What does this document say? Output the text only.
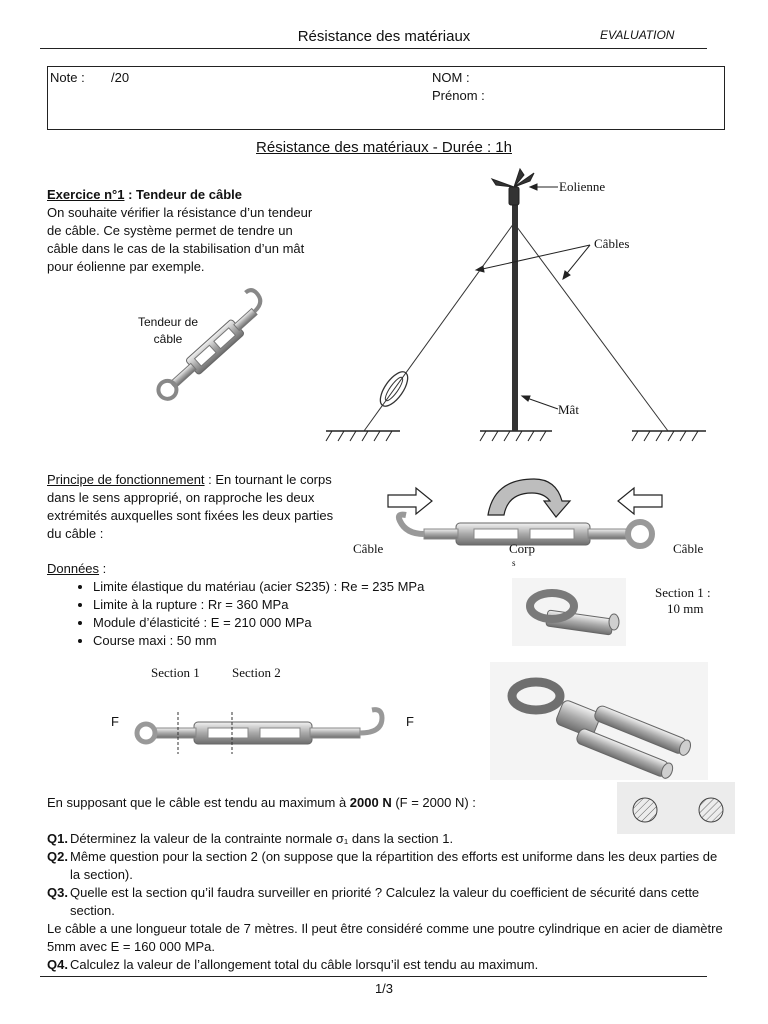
Résistance des matériaux	EVALUATION
Note : /20	NOM :
Prénom :
Résistance des matériaux - Durée : 1h
Exercice n°1 : Tendeur de câble
On souhaite vérifier la résistance d’un tendeur de câble. Ce système permet de tendre un câble dans le cas de la stabilisation d’un mât pour éolienne par exemple.
Tendeur de
câble
Eolienne
Câbles
Mât
Principe de fonctionnement : En tournant le corps dans le sens approprié, on rapproche les deux extrémités auxquelles sont fixées les deux parties du câble :
Câble	Corp
s
Câble
Données :
• Limite élastique du matériau (acier S235) : Re = 235 MPa
• Limite à la rupture : Rr = 360 MPa
• Module d’élasticité : E = 210 000 MPa
• Course maxi : 50 mm
Section 1 :
10 mm
Section 1 Section 2
F	F
En supposant que le câble est tendu au maximum à 2000 N (F = 2000 N) :
Q1. Déterminez la valeur de la contrainte normale σ₁ dans la section 1.
Q2. Même question pour la section 2 (on suppose que la répartition des efforts est uniforme dans les deux parties de la section).
Q3. Quelle est la section qu’il faudra surveiller en priorité ? Calculez la valeur du coefficient de sécurité dans cette section.
Le câble a une longueur totale de 7 mètres. Il peut être considéré comme une poutre cylindrique en acier de diamètre 5mm avec E = 160 000 MPa.
Q4. Calculez la valeur de l’allongement total du câble lorsqu’il est tendu au maximum.
1/3
